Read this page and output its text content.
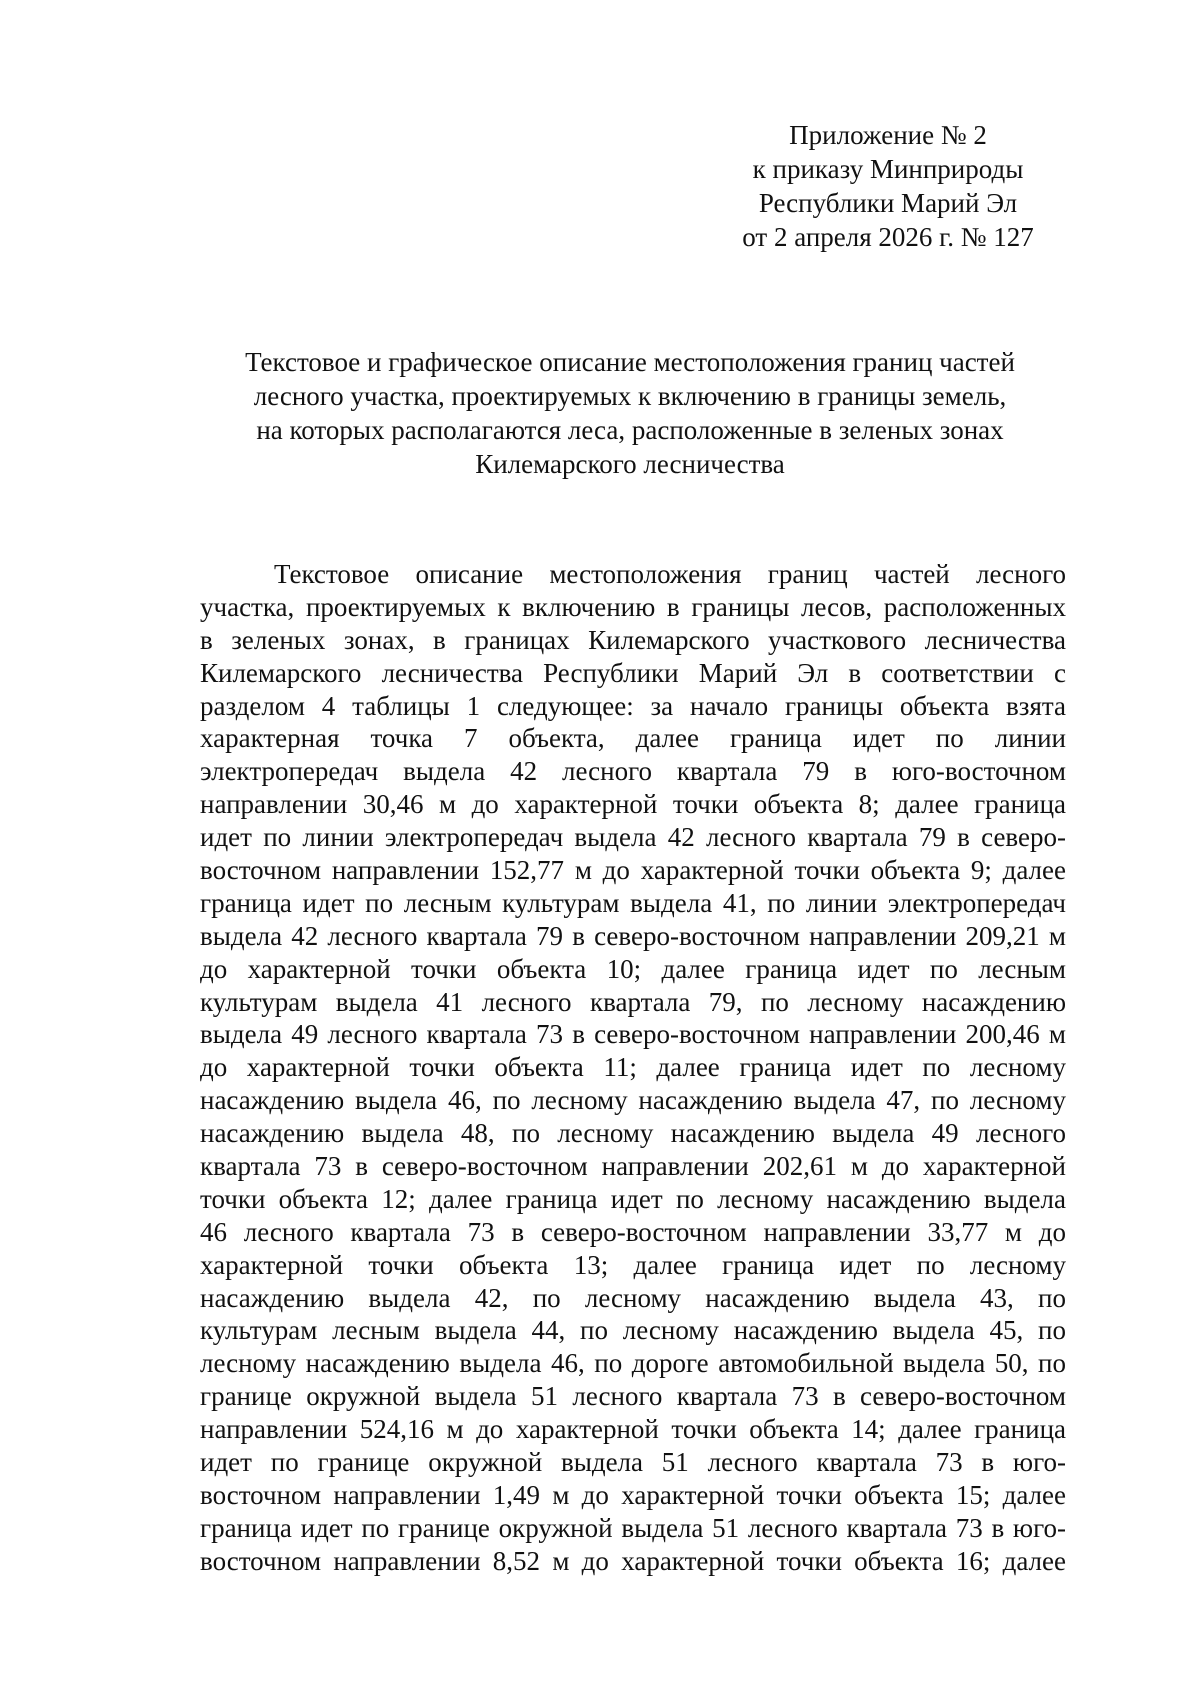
Приложение № 2
к приказу Минприроды
Республики Марий Эл
от 2 апреля 2026 г. № 127
Текстовое и графическое описание местоположения границ частей
лесного участка, проектируемых к включению в границы земель,
на которых располагаются леса, расположенные в зеленых зонах
Килемарского лесничества
Текстовое описание местоположения границ частей лесного
участка, проектируемых к включению в границы лесов, расположенных
в зеленых зонах, в границах Килемарского участкового лесничества
Килемарского лесничества Республики Марий Эл в соответствии с
разделом 4 таблицы 1 следующее: за начало границы объекта взята
характерная точка 7 объекта, далее граница идет по линии
электропередач выдела 42 лесного квартала 79 в юго-восточном
направлении 30,46 м до характерной точки объекта 8; далее граница
идет по линии электропередач выдела 42 лесного квартала 79 в северо-
восточном направлении 152,77 м до характерной точки объекта 9; далее
граница идет по лесным культурам выдела 41, по линии электропередач
выдела 42 лесного квартала 79 в северо-восточном направлении 209,21 м
до характерной точки объекта 10; далее граница идет по лесным
культурам выдела 41 лесного квартала 79, по лесному насаждению
выдела 49 лесного квартала 73 в северо-восточном направлении 200,46 м
до характерной точки объекта 11; далее граница идет по лесному
насаждению выдела 46, по лесному насаждению выдела 47, по лесному
насаждению выдела 48, по лесному насаждению выдела 49 лесного
квартала 73 в северо-восточном направлении 202,61 м до характерной
точки объекта 12; далее граница идет по лесному насаждению выдела
46 лесного квартала 73 в северо-восточном направлении 33,77 м до
характерной точки объекта 13; далее граница идет по лесному
насаждению выдела 42, по лесному насаждению выдела 43, по
культурам лесным выдела 44, по лесному насаждению выдела 45, по
лесному насаждению выдела 46, по дороге автомобильной выдела 50, по
границе окружной выдела 51 лесного квартала 73 в северо-восточном
направлении 524,16 м до характерной точки объекта 14; далее граница
идет по границе окружной выдела 51 лесного квартала 73 в юго-
восточном направлении 1,49 м до характерной точки объекта 15; далее
граница идет по границе окружной выдела 51 лесного квартала 73 в юго-
восточном направлении 8,52 м до характерной точки объекта 16; далее
